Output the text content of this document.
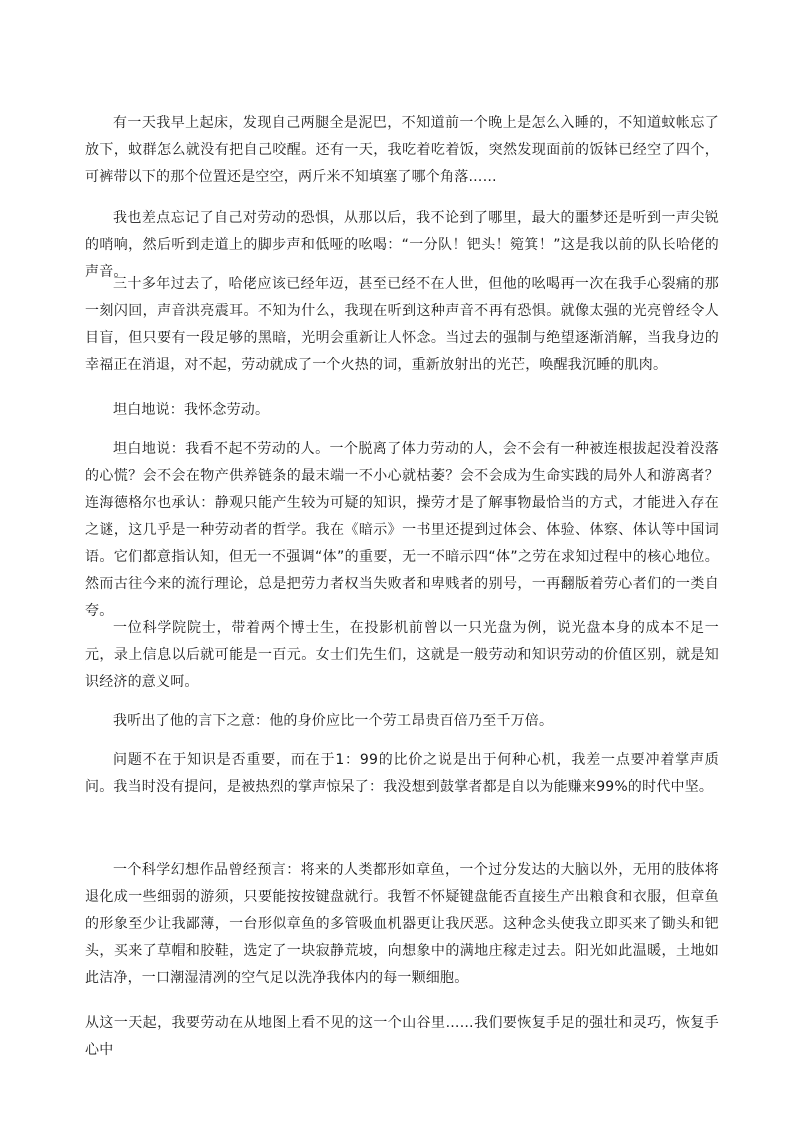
有一天我早上起床，发现自己两腿全是泥巴，不知道前一个晚上是怎么入睡的，不知道蚊帐忘了放下，蚊群怎么就没有把自己咬醒。还有一天，我吃着吃着饭，突然发现面前的饭钵已经空了四个，可裤带以下的那个位置还是空空，两斤米不知填塞了哪个角落……

我也差点忘记了自己对劳动的恐惧，从那以后，我不论到了哪里，最大的噩梦还是听到一声尖锐的哨响，然后听到走道上的脚步声和低哑的吆喝：“一分队！钯头！箢箕！”这是我以前的队长哈佬的声音。

三十多年过去了，哈佬应该已经年迈，甚至已经不在人世，但他的吆喝再一次在我手心裂痛的那一刻闪回，声音洪亮震耳。不知为什么，我现在听到这种声音不再有恐惧。就像太强的光亮曾经令人目盲，但只要有一段足够的黑暗，光明会重新让人怀念。当过去的强制与绝望逐渐消解，当我身边的幸福正在消退，对不起，劳动就成了一个火热的词，重新放射出的光芒，唤醒我沉睡的肌肉。

坦白地说：我怀念劳动。

坦白地说：我看不起不劳动的人。一个脱离了体力劳动的人，会不会有一种被连根拔起没着没落的心慌？会不会在物产供养链条的最末端一不小心就枯萎？会不会成为生命实践的局外人和游离者？连海德格尔也承认：静观只能产生较为可疑的知识，操劳才是了解事物最恰当的方式，才能进入存在之谜，这几乎是一种劳动者的哲学。我在《暗示》一书里还提到过体会、体验、体察、体认等中国词语。它们都意指认知，但无一不强调“体”的重要，无一不暗示四“体”之劳在求知过程中的核心地位。然而古往今来的流行理论，总是把劳力者权当失败者和卑贱者的别号，一再翻版着劳心者们的一类自夸。

一位科学院院士，带着两个博士生，在投影机前曾以一只光盘为例，说光盘本身的成本不足一元，录上信息以后就可能是一百元。女士们先生们，这就是一般劳动和知识劳动的价值区别，就是知识经济的意义呵。

我听出了他的言下之意：他的身价应比一个劳工昂贵百倍乃至千万倍。

问题不在于知识是否重要，而在于1：99的比价之说是出于何种心机，我差一点要冲着掌声质问。我当时没有提问，是被热烈的掌声惊呆了：我没想到鼓掌者都是自以为能赚来99%的时代中坚。

一个科学幻想作品曾经预言：将来的人类都形如章鱼，一个过分发达的大脑以外，无用的肢体将退化成一些细弱的游须，只要能按按键盘就行。我暂不怀疑键盘能否直接生产出粮食和衣服，但章鱼的形象至少让我鄙薄，一台形似章鱼的多管吸血机器更让我厌恶。这种念头使我立即买来了锄头和钯头，买来了草帽和胶鞋，选定了一块寂静荒坡，向想象中的满地庄稼走过去。阳光如此温暖，土地如此洁净，一口潮湿清冽的空气足以洗净我体内的每一颗细胞。

从这一天起，我要劳动在从地图上看不见的这一个山谷里……我们要恢复手足的强壮和灵巧，恢复手心中
